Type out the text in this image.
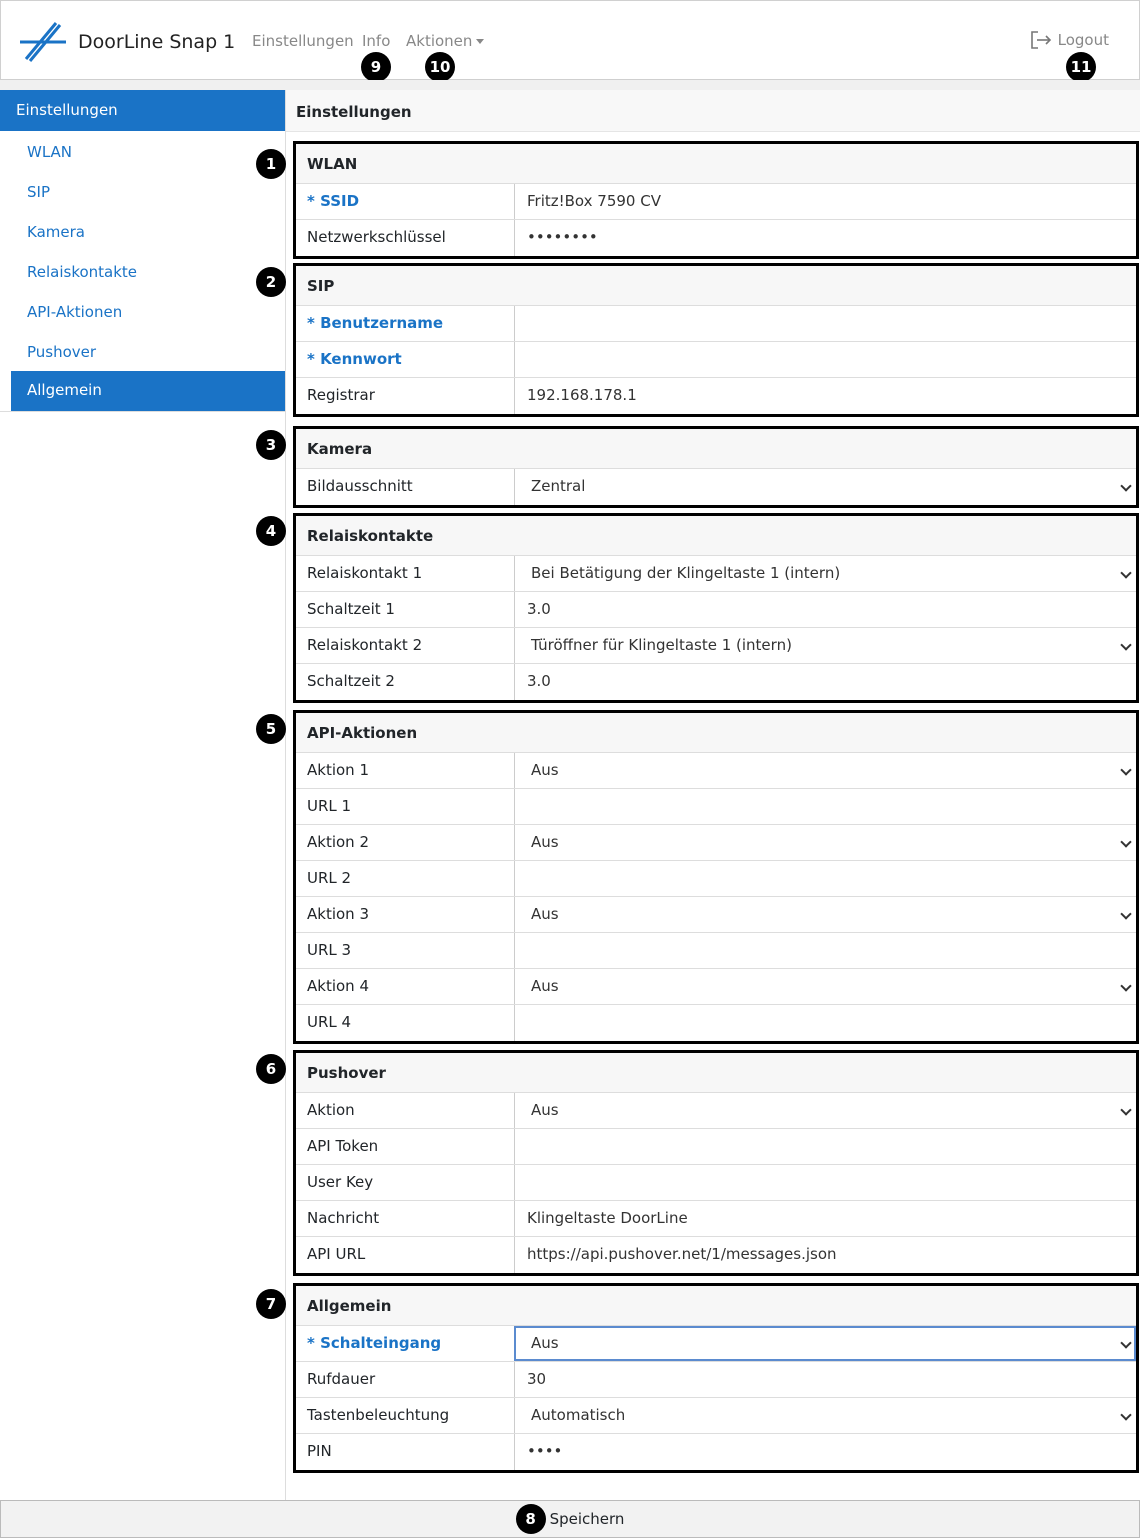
DoorLine Snap 1 Einstellungen Info Aktionen	Logout
9	10	11
Einstellungen
WLAN
SIP
Kamera
Relaiskontakte
API-Aktionen
Pushover
Allgemein
Einstellungen
1
2
3
4
5
6
7
WLAN
* SSID	Fritz!Box 7590 CV
Netzwerkschlüssel	••••••••
SIP
* Benutzername
* Kennwort
Registrar	192.168.178.1
Kamera
Bildausschnitt	Zentral
Relaiskontakte
Relaiskontakt 1	Bei Betätigung der Klingeltaste 1 (intern)
Schaltzeit 1	3.0
Relaiskontakt 2	Türöffner für Klingeltaste 1 (intern)
Schaltzeit 2	3.0
API-Aktionen
Aktion 1	Aus
URL 1
Aktion 2	Aus
URL 2
Aktion 3	Aus
URL 3
Aktion 4	Aus
URL 4
Pushover
Aktion	Aus
API Token
User Key
Nachricht	Klingeltaste DoorLine
API URL	https://api.pushover.net/1/messages.json
Allgemein
* Schalteingang	Aus
Rufdauer	30
Tastenbeleuchtung	Automatisch
PIN	••••
8 Speichern
